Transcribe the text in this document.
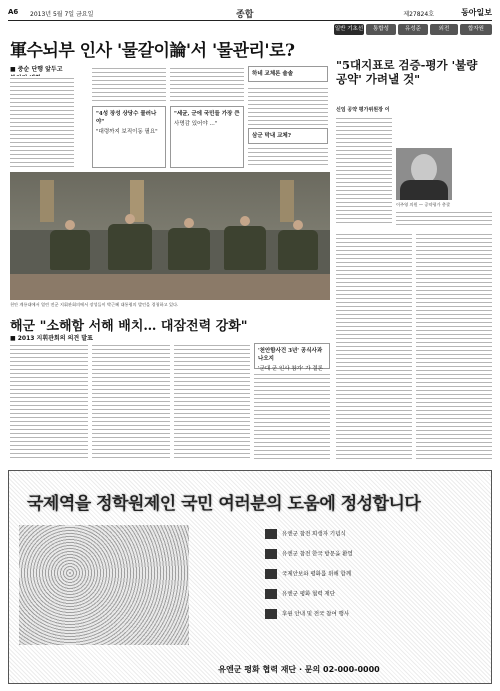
A6 2013년 5월 7일 금요일	종합	제27824호	동아일보
軍수뇌부 인사 '물갈이論'서 '물관리'로?
■ 중순 단행 앞두고
"4성 장성 상당수 물러나야"
"대령까지 보직이동 필요"
"세균, 군에 국민들 가장 큰
사명감 있어야 …"
하네 교체론 솔솔
삼군 막내 교체?
천안 계룡대에서 열린 전군 지휘관회의에서 장성들이 박근혜 대통령의 발언을 경청하고 있다.
해군 "소해함 서해 배치… 대잠전력 강화"
■ 2013 지휘관회의 의견 발표
'천안함사건 3년' 공식사과 나오지
'군대 군 인사 참가' 가 결론
일반 기초선	통합성	유성준	외전	합자원
"5대지표로 검증-평가 '불량 공약' 가려낼 것"
신임 공약 평가위원장 이
이주영 의원 — 공약평가 총괄
국제역을 정학원제인 국민 여러분의 도움에 정성합니다
유엔군 참전 희생자 기념식
유엔군 참전 한국 방문을 환영
국제안보와 평화를 위해 함께
유엔군 평화 협력 재단
후원 안내 및 전국 참여 행사
유엔군 평화 협력 재단 · 문의 02-000-0000
